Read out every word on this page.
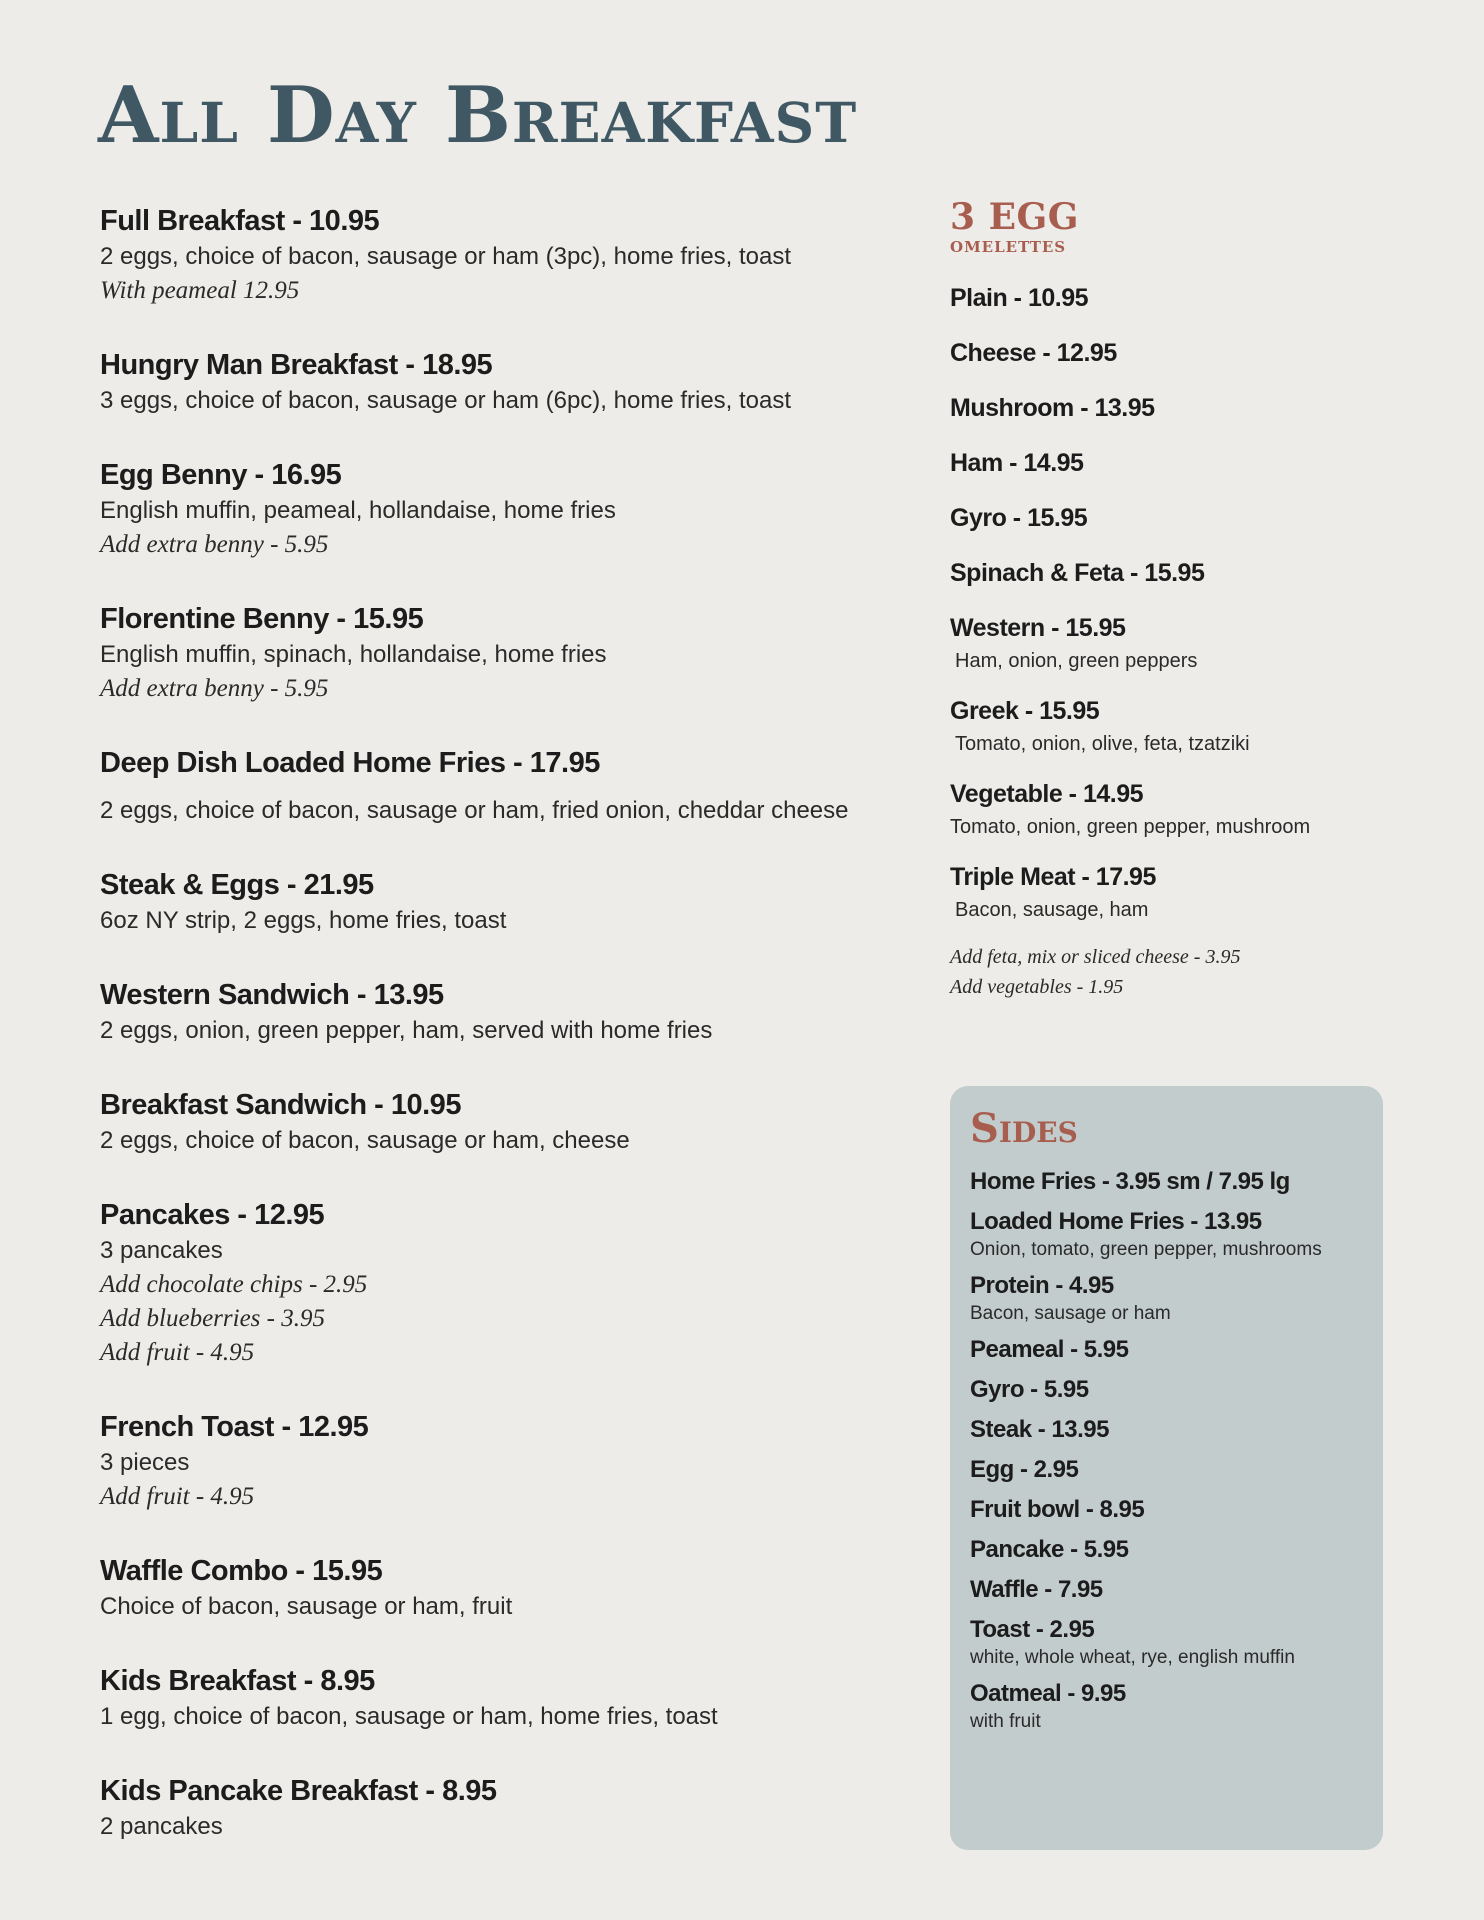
All Day Breakfast
Full Breakfast - 10.95
2 eggs, choice of bacon, sausage or ham (3pc), home fries, toast
With peameal 12.95
Hungry Man Breakfast - 18.95
3 eggs, choice of bacon, sausage or ham (6pc), home fries, toast
Egg Benny - 16.95
English muffin, peameal, hollandaise, home fries
Add extra benny - 5.95
Florentine Benny - 15.95
English muffin, spinach, hollandaise, home fries
Add extra benny - 5.95
Deep Dish Loaded Home Fries - 17.95
2 eggs, choice of bacon, sausage or ham, fried onion, cheddar cheese
Steak & Eggs - 21.95
6oz NY strip, 2 eggs, home fries, toast
Western Sandwich - 13.95
2 eggs, onion, green pepper, ham, served with home fries
Breakfast Sandwich - 10.95
2 eggs, choice of bacon, sausage or ham, cheese
Pancakes - 12.95
3 pancakes
Add chocolate chips - 2.95
Add blueberries - 3.95
Add fruit - 4.95
French Toast - 12.95
3 pieces
Add fruit - 4.95
Waffle Combo - 15.95
Choice of bacon, sausage or ham, fruit
Kids Breakfast - 8.95
1 egg, choice of bacon, sausage or ham, home fries, toast
Kids Pancake Breakfast - 8.95
2 pancakes
3 EGG
OMELETTES
Plain - 10.95
Cheese - 12.95
Mushroom - 13.95
Ham - 14.95
Gyro - 15.95
Spinach & Feta - 15.95
Western - 15.95
Ham, onion, green peppers
Greek - 15.95
Tomato, onion, olive, feta, tzatziki
Vegetable - 14.95
Tomato, onion, green pepper, mushroom
Triple Meat - 17.95
Bacon, sausage, ham
Add feta, mix or sliced cheese - 3.95
Add vegetables - 1.95
Sides
Home Fries - 3.95 sm / 7.95 lg
Loaded Home Fries - 13.95
Onion, tomato, green pepper, mushrooms
Protein - 4.95
Bacon, sausage or ham
Peameal - 5.95
Gyro - 5.95
Steak - 13.95
Egg - 2.95
Fruit bowl - 8.95
Pancake - 5.95
Waffle - 7.95
Toast - 2.95
white, whole wheat, rye, english muffin
Oatmeal - 9.95
with fruit
